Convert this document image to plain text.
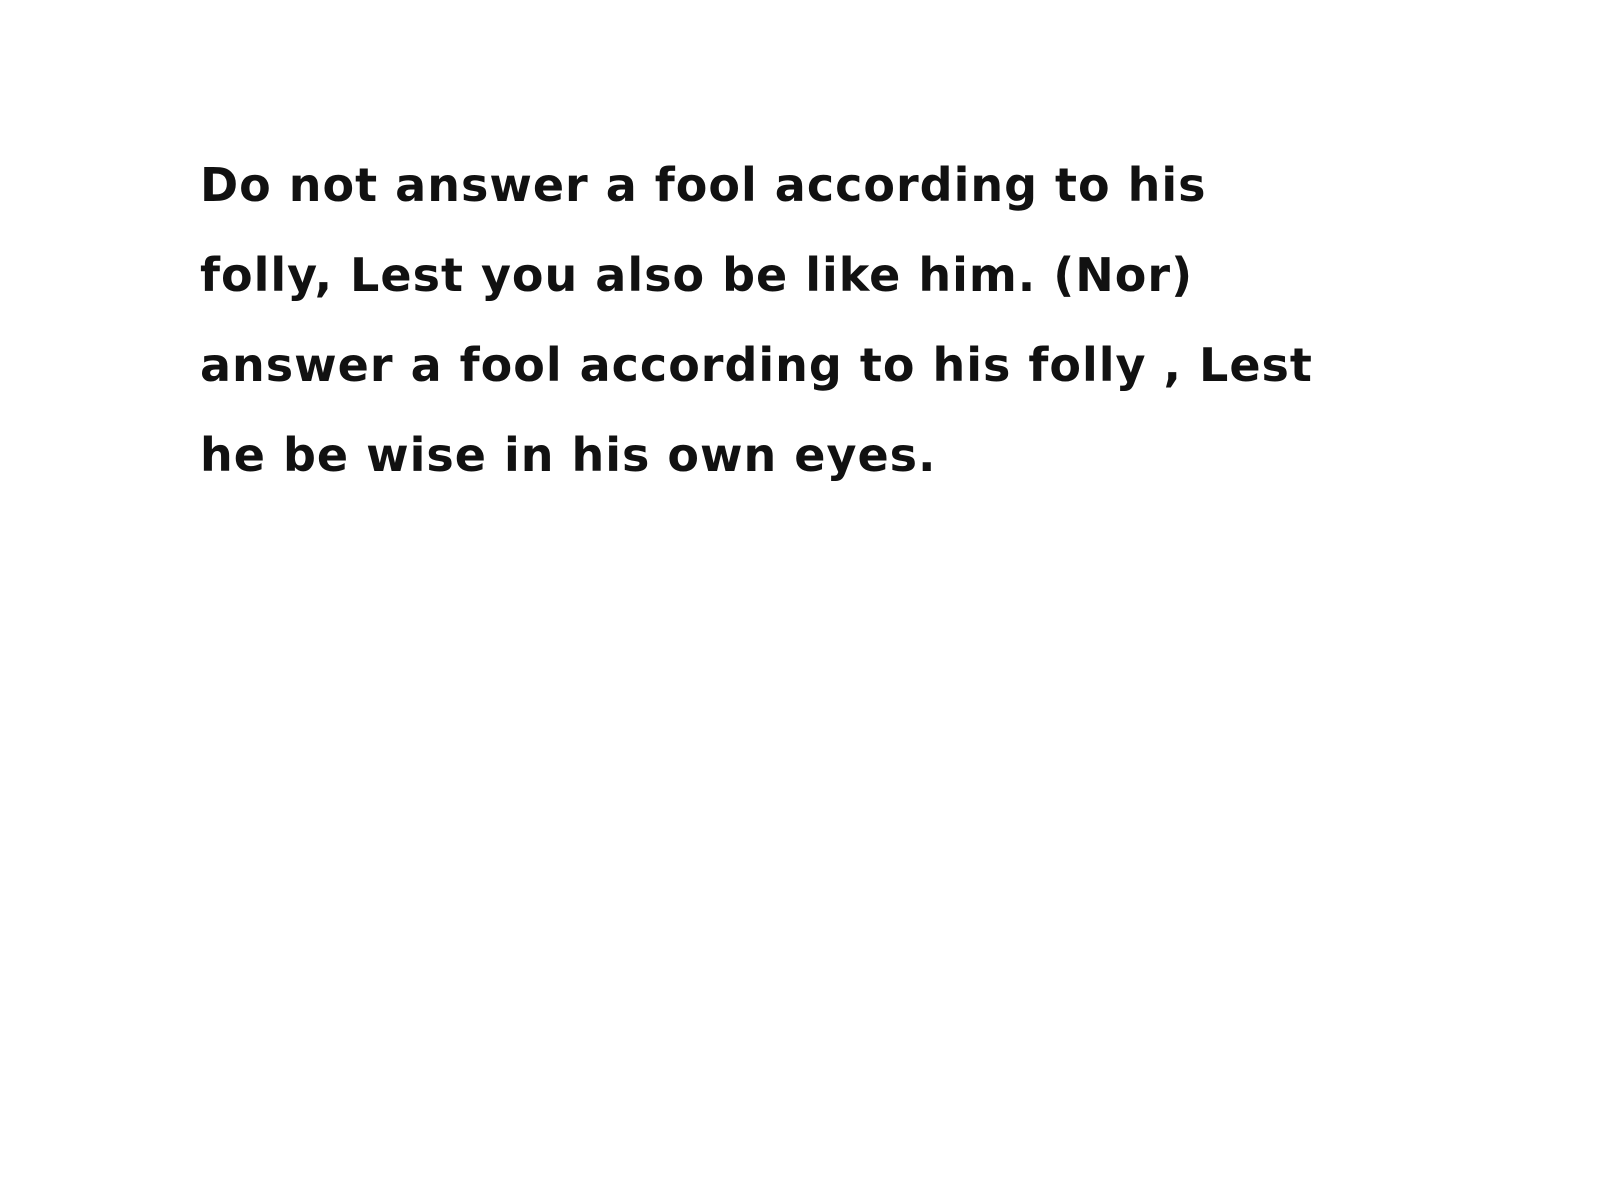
Do not answer a fool according to his
folly, Lest you also be like him. (Nor)
answer a fool according to his folly , Lest
he be wise in his own eyes.
